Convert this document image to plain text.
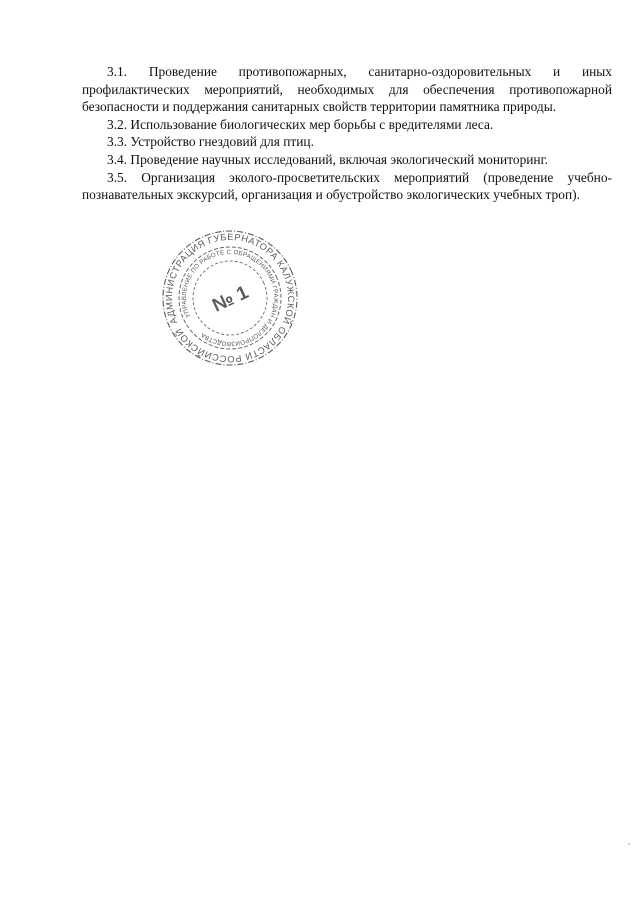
3.1. Проведение противопожарных, санитарно-оздоровительных и иных профилактических мероприятий, необходимых для обеспечения противопожарной безопасности и поддержания санитарных свойств территории памятника природы.

3.2. Использование биологических мер борьбы с вредителями леса.

3.3. Устройство гнездовий для птиц.

3.4. Проведение научных исследований, включая экологический мониторинг.

3.5. Организация эколого-просветительских мероприятий (проведение учебно-познавательных экскурсий, организация и обустройство экологических учебных троп).

АДМИНИСТРАЦИЯ ГУБЕРНАТОРА КАЛУЖСКОЙ ОБЛАСТИ РОССИЙСКОЙ
УПРАВЛЕНИЕ ПО РАБОТЕ С ОБРАЩЕНИЯМИ ГРАЖДАН И ДЕЛОПРОИЗВОДСТВА
№ 1
